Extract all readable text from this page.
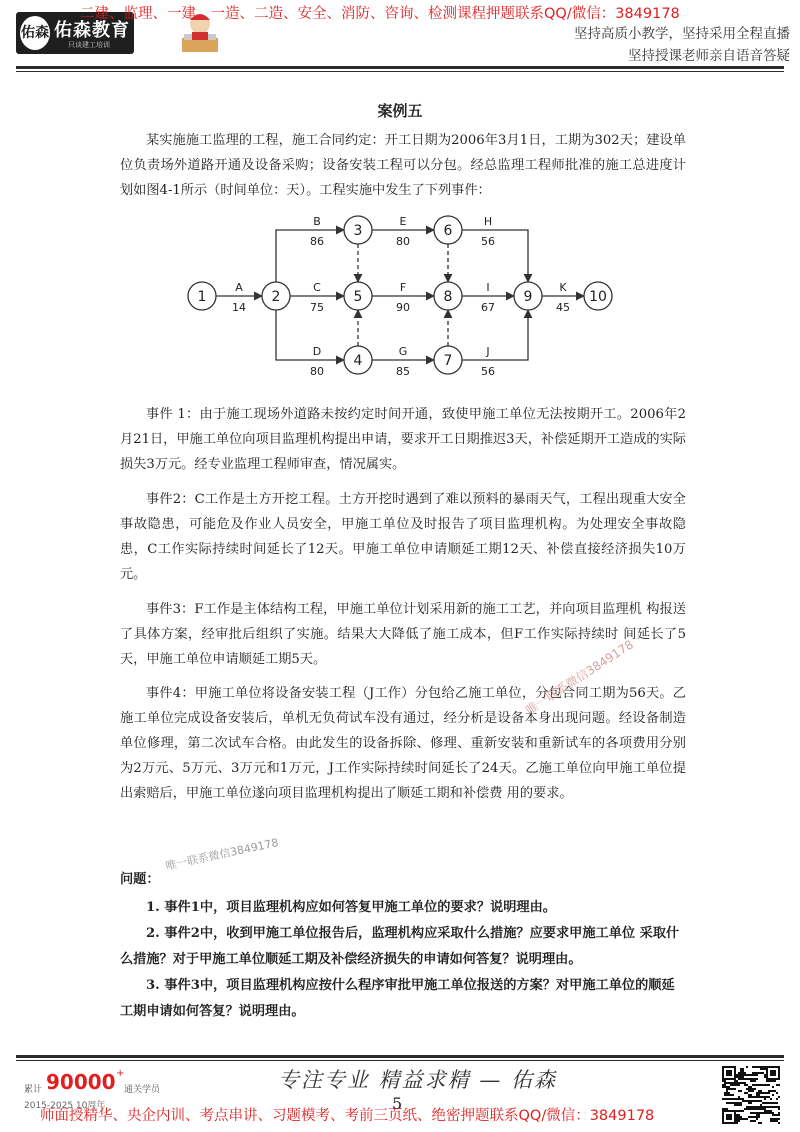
佑森 佑森教育
只谈建工培训
二建、监理、一建、一造、二造、安全、消防、咨询、检测课程押题联系QQ/微信：3849178
坚持高质小教学，坚持采用全程直播
坚持授课老师亲自语音答疑
案例五

某实施施工监理的工程，施工合同约定：开工日期为2006年3月1日，工期为302天；建设单位负责场外道路开通及设备采购；设备安装工程可以分包。经总监理工程师批准的施工总进度计划如图4-1所示（时间单位：天）。工程实施中发生了下列事件：

A
14
B
86
C
75
D
80
E
80
F
90
G
85
H
56
I
67
J
56
K
45
1	2
3
4
5
6
7
8	9	10

事件 1：由于施工现场外道路未按约定时间开通，致使甲施工单位无法按期开工。2006年2月21日，甲施工单位向项目监理机构提出申请，要求开工日期推迟3天，补偿延期开工造成的实际损失3万元。经专业监理工程师审查，情况属实。

事件2：C工作是土方开挖工程。土方开挖时遇到了难以预料的暴雨天气，工程出现重大安全事故隐患，可能危及作业人员安全，甲施工单位及时报告了项目监理机构。为处理安全事故隐患，C工作实际持续时间延长了12天。甲施工单位申请顺延工期12天、补偿直接经济损失10万元。

事件3：F工作是主体结构工程，甲施工单位计划采用新的施工工艺，并向项目监理机 构报送了具体方案，经审批后组织了实施。结果大大降低了施工成本，但F工作实际持续时 间延长了5天，甲施工单位申请顺延工期5天。

事件4：甲施工单位将设备安装工程（J工作）分包给乙施工单位，分包合同工期为56天。乙施工单位完成设备安装后，单机无负荷试车没有通过，经分析是设备本身出现问题。经设备制造单位修理，第二次试车合格。由此发生的设备拆除、修理、重新安装和重新试车的各项费用分别为2万元、5万元、3万元和1万元，J工作实际持续时间延长了24天。乙施工单位向甲施工单位提出索赔后，甲施工单位遂向项目监理机构提出了顺延工期和补偿费 用的要求。

唯一联系微信3849178
唯一联系微信3849178
问题：

1. 事件1中，项目监理机构应如何答复甲施工单位的要求？说明理由。

2. 事件2中，收到甲施工单位报告后，监理机构应采取什么措施？应要求甲施工单位 采取什么措施？对于甲施工单位顺延工期及补偿经济损失的申请如何答复？说明理由。

3. 事件3中，项目监理机构应按什么程序审批甲施工单位报送的方案？对甲施工单位的顺延工期申请如何答复？说明理由。

累计 90000 +
通关学员
2015-2025 10周年
专注专业 精益求精 — 佑森
5
师面授精华、央企内训、考点串讲、习题模考、考前三页纸、绝密押题联系QQ/微信：3849178
